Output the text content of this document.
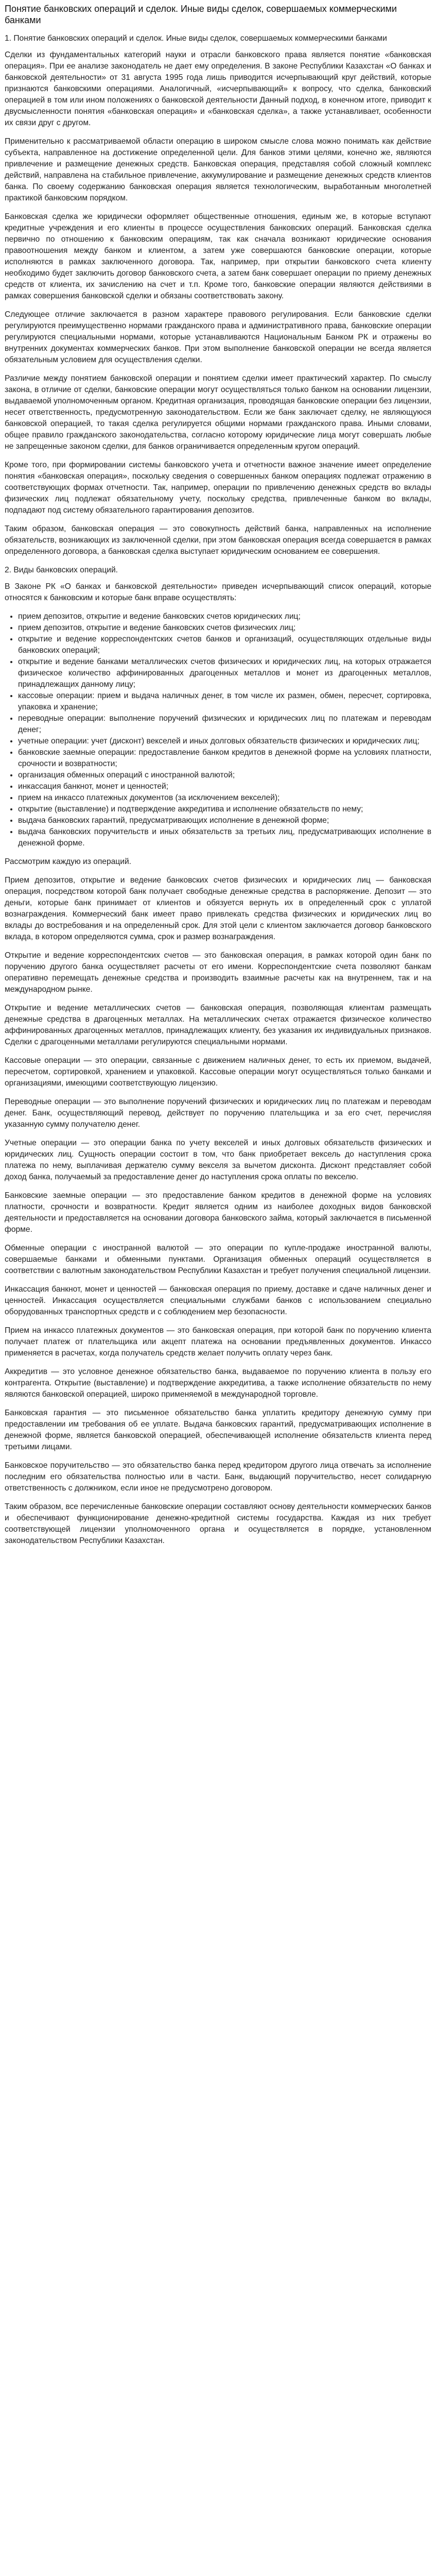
Понятие банковских операций и сделок. Иные виды сделок, совершаемых коммерческими банками
1. Понятие банковских операций и сделок. Иные виды сделок, совершаемых коммерческими банками

Сделки из фундаментальных категорий науки и отрасли банковского права является понятие «банковская операция». При ее анализе законодатель не дает ему определения. В законе Республики Казахстан «О банках и банковской деятельности» от 31 августа 1995 года лишь приводится исчерпывающий круг действий, которые признаются банковскими операциями. Аналогичный, «исчерпывающий» к вопросу, что сделка, банковский операцией в том или ином положениях о банковской деятельности Данный подход, в конечном итоге, приводит к двусмысленности понятия «банковская операция» и «банковская сделка», а также устанавливает, особенности их связи друг с другом.

Применительно к рассматриваемой области операцию в широком смысле слова можно понимать как действие субъекта, направленное на достижение определенной цели. Для банков этими целями, конечно же, являются привлечение и размещение денежных средств. Банковская операция, представляя собой сложный комплекс действий, направлена на стабильное привлечение, аккумулирование и размещение денежных средств клиентов банка. По своему содержанию банковская операция является технологическим, выработанным многолетней практикой банковским порядком.

Банковская сделка же юридически оформляет общественные отношения, единым же, в которые вступают кредитные учреждения и его клиенты в процессе осуществления банковских операций. Банковская сделка первично по отношению к банковским операциям, так как сначала возникают юридические основания правоотношения между банком и клиентом, а затем уже совершаются банковские операции, которые исполняются в рамках заключенного договора. Так, например, при открытии банковского счета клиенту необходимо будет заключить договор банковского счета, а затем банк совершает операции по приему денежных средств от клиента, их зачислению на счет и т.п. Кроме того, банковские операции являются действиями в рамках совершения банковской сделки и обязаны соответствовать закону.

Следующее отличие заключается в разном характере правового регулирования. Если банковские сделки регулируются преимущественно нормами гражданского права и административного права, банковские операции регулируются специальными нормами, которые устанавливаются Национальным Банком РК и отражены во внутренних документах коммерческих банков. При этом выполнение банковской операции не всегда является обязательным условием для осуществления сделки.

Различие между понятием банковской операции и понятием сделки имеет практический характер. По смыслу закона, в отличие от сделки, банковские операции могут осуществляться только банком на основании лицензии, выдаваемой уполномоченным органом. Кредитная организация, проводящая банковские операции без лицензии, несет ответственность, предусмотренную законодательством. Если же банк заключает сделку, не являющуюся банковской операцией, то такая сделка регулируется общими нормами гражданского права. Иными словами, общее правило гражданского законодательства, согласно которому юридические лица могут совершать любые не запрещенные законом сделки, для банков ограничивается определенным кругом операций.

Кроме того, при формировании системы банковского учета и отчетности важное значение имеет определение понятия «банковская операция», поскольку сведения о совершенных банком операциях подлежат отражению в соответствующих формах отчетности. Так, например, операции по привлечению денежных средств во вклады физических лиц подлежат обязательному учету, поскольку средства, привлеченные банком во вклады, подпадают под систему обязательного гарантирования депозитов.

Таким образом, банковская операция — это совокупность действий банка, направленных на исполнение обязательств, возникающих из заключенной сделки, при этом банковская операция всегда совершается в рамках определенного договора, а банковская сделка выступает юридическим основанием ее совершения.

2. Виды банковских операций.

В Законе РК «О банках и банковской деятельности» приведен исчерпывающий список операций, которые относятся к банковским и которые банк вправе осуществлять:

• прием депозитов, открытие и ведение банковских счетов юридических лиц;
• прием депозитов, открытие и ведение банковских счетов физических лиц;
• открытие и ведение корреспондентских счетов банков и организаций, осуществляющих отдельные виды банковских операций;
• открытие и ведение банками металлических счетов физических и юридических лиц, на которых отражается физическое количество аффинированных драгоценных металлов и монет из драгоценных металлов, принадлежащих данному лицу;
• кассовые операции: прием и выдача наличных денег, в том числе их размен, обмен, пересчет, сортировка, упаковка и хранение;
• переводные операции: выполнение поручений физических и юридических лиц по платежам и переводам денег;
• учетные операции: учет (дисконт) векселей и иных долговых обязательств физических и юридических лиц;
• банковские заемные операции: предоставление банком кредитов в денежной форме на условиях платности, срочности и возвратности;
• организация обменных операций с иностранной валютой;
• инкассация банкнот, монет и ценностей;
• прием на инкассо платежных документов (за исключением векселей);
• открытие (выставление) и подтверждение аккредитива и исполнение обязательств по нему;
• выдача банковских гарантий, предусматривающих исполнение в денежной форме;
• выдача банковских поручительств и иных обязательств за третьих лиц, предусматривающих исполнение в денежной форме.

Рассмотрим каждую из операций.

Прием депозитов, открытие и ведение банковских счетов физических и юридических лиц — банковская операция, посредством которой банк получает свободные денежные средства в распоряжение. Депозит — это деньги, которые банк принимает от клиентов и обязуется вернуть их в определенный срок с уплатой вознаграждения. Коммерческий банк имеет право привлекать средства физических и юридических лиц во вклады до востребования и на определенный срок. Для этой цели с клиентом заключается договор банковского вклада, в котором определяются сумма, срок и размер вознаграждения.

Открытие и ведение корреспондентских счетов — это банковская операция, в рамках которой один банк по поручению другого банка осуществляет расчеты от его имени. Корреспондентские счета позволяют банкам оперативно перемещать денежные средства и производить взаимные расчеты как на внутреннем, так и на международном рынке.

Открытие и ведение металлических счетов — банковская операция, позволяющая клиентам размещать денежные средства в драгоценных металлах. На металлических счетах отражается физическое количество аффинированных драгоценных металлов, принадлежащих клиенту, без указания их индивидуальных признаков. Сделки с драгоценными металлами регулируются специальными нормами.

Кассовые операции — это операции, связанные с движением наличных денег, то есть их приемом, выдачей, пересчетом, сортировкой, хранением и упаковкой. Кассовые операции могут осуществляться только банками и организациями, имеющими соответствующую лицензию.

Переводные операции — это выполнение поручений физических и юридических лиц по платежам и переводам денег. Банк, осуществляющий перевод, действует по поручению плательщика и за его счет, перечисляя указанную сумму получателю денег.

Учетные операции — это операции банка по учету векселей и иных долговых обязательств физических и юридических лиц. Сущность операции состоит в том, что банк приобретает вексель до наступления срока платежа по нему, выплачивая держателю сумму векселя за вычетом дисконта. Дисконт представляет собой доход банка, получаемый за предоставление денег до наступления срока оплаты по векселю.

Банковские заемные операции — это предоставление банком кредитов в денежной форме на условиях платности, срочности и возвратности. Кредит является одним из наиболее доходных видов банковской деятельности и предоставляется на основании договора банковского займа, который заключается в письменной форме.

Обменные операции с иностранной валютой — это операции по купле-продаже иностранной валюты, совершаемые банками и обменными пунктами. Организация обменных операций осуществляется в соответствии с валютным законодательством Республики Казахстан и требует получения специальной лицензии.

Инкассация банкнот, монет и ценностей — банковская операция по приему, доставке и сдаче наличных денег и ценностей. Инкассация осуществляется специальными службами банков с использованием специально оборудованных транспортных средств и с соблюдением мер безопасности.

Прием на инкассо платежных документов — это банковская операция, при которой банк по поручению клиента получает платеж от плательщика или акцепт платежа на основании предъявленных документов. Инкассо применяется в расчетах, когда получатель средств желает получить оплату через банк.

Аккредитив — это условное денежное обязательство банка, выдаваемое по поручению клиента в пользу его контрагента. Открытие (выставление) и подтверждение аккредитива, а также исполнение обязательств по нему являются банковской операцией, широко применяемой в международной торговле.

Банковская гарантия — это письменное обязательство банка уплатить кредитору денежную сумму при предоставлении им требования об ее уплате. Выдача банковских гарантий, предусматривающих исполнение в денежной форме, является банковской операцией, обеспечивающей исполнение обязательств клиента перед третьими лицами.

Банковское поручительство — это обязательство банка перед кредитором другого лица отвечать за исполнение последним его обязательства полностью или в части. Банк, выдающий поручительство, несет солидарную ответственность с должником, если иное не предусмотрено договором.

Таким образом, все перечисленные банковские операции составляют основу деятельности коммерческих банков и обеспечивают функционирование денежно-кредитной системы государства. Каждая из них требует соответствующей лицензии уполномоченного органа и осуществляется в порядке, установленном законодательством Республики Казахстан.
